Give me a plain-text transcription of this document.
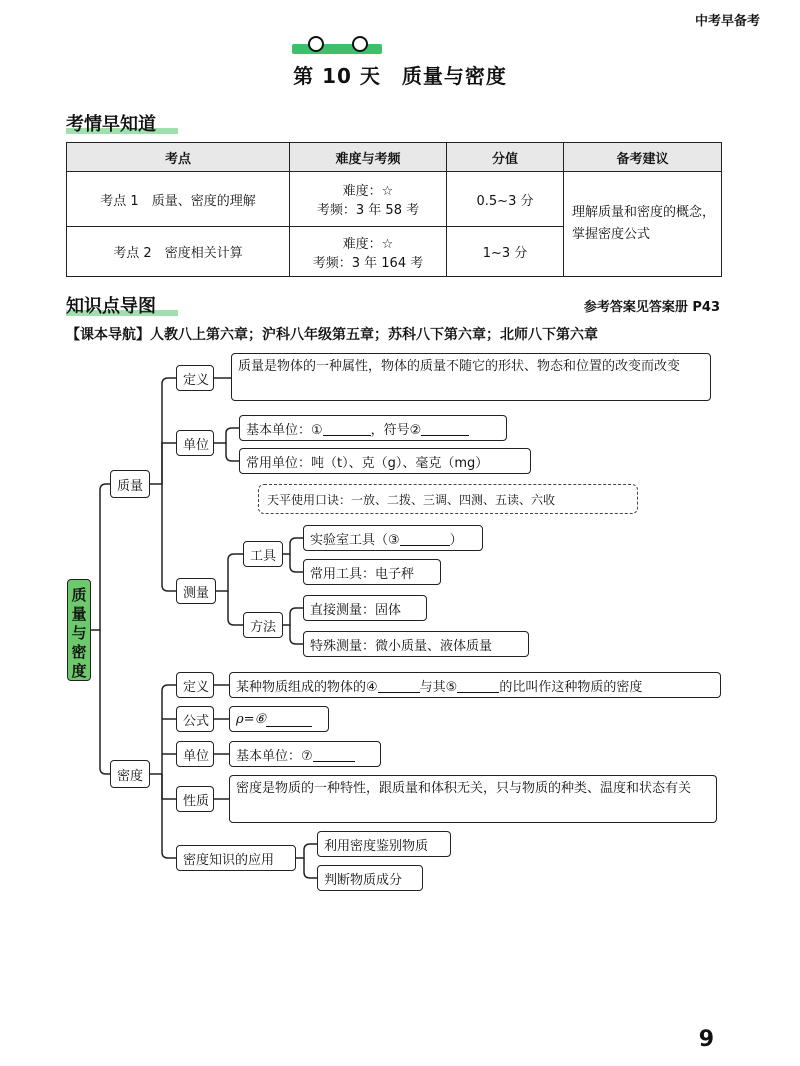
中考早备考
第 10 天　质量与密度
考情早知道
考点	难度与考频	分值	备考建议
考点 1　质量、密度的理解	难度：☆
考频：3 年 58 考	0.5~3 分	理解质量和密度的概念，掌握密度公式
考点 2　密度相关计算	难度：☆
考频：3 年 164 考	1~3 分	
知识点导图	参考答案见答案册 P43
【课本导航】人教八上第六章；沪科八年级第五章；苏科八下第六章；北师八下第六章
质
量
与
密
度
质量
定义
质量是物体的一种属性，物体的质量不随它的形状、物态和位置的改变而改变
单位
基本单位：①	，符号②
常用单位：吨（t）、克（g）、毫克（mg）
天平使用口诀：一放、二拨、三调、四测、五读、六收
测量
工具
实验室工具（③	）
常用工具：电子秤
方法
直接测量：固体
特殊测量：微小质量、液体质量
密度
定义	某种物质组成的物体的④	与其⑤	的比叫作这种物质的密度
公式	ρ=⑥
单位	基本单位：⑦
性质
密度是物质的一种特性，跟质量和体积无关，只与物质的种类、温度和状态有关
密度知识的应用
利用密度鉴别物质
判断物质成分
9
